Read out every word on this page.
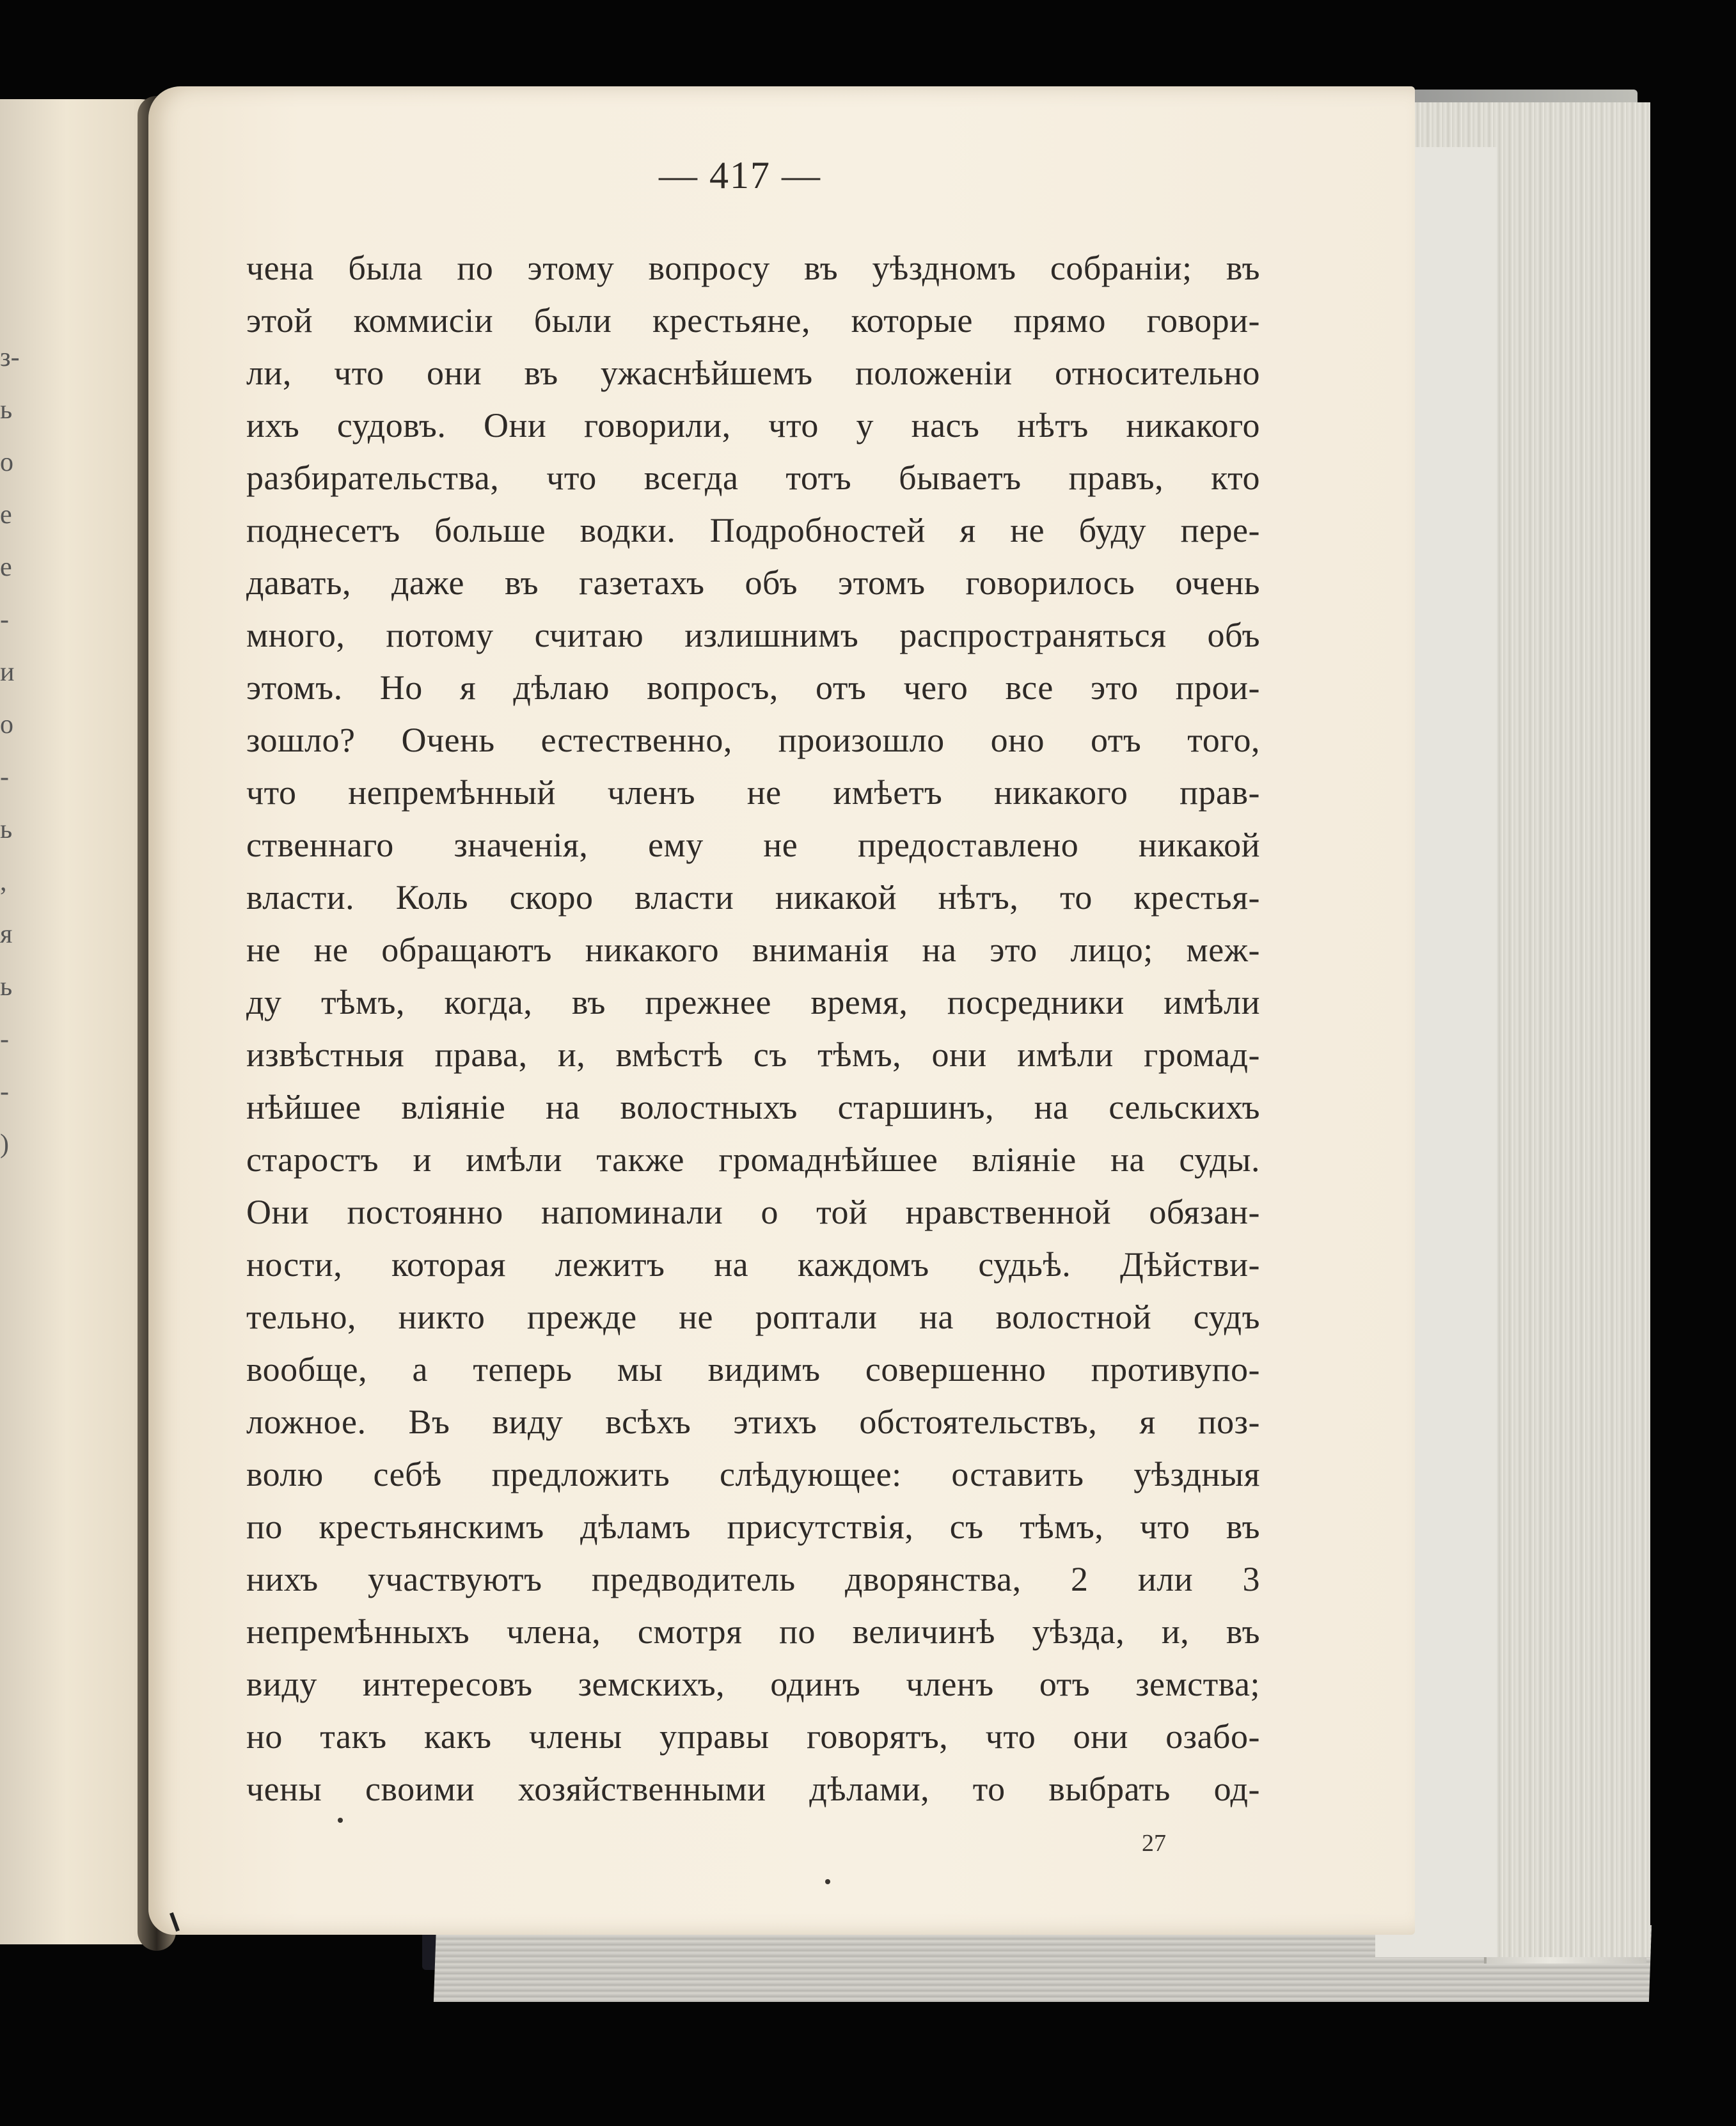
з-
ь
о
е
е
-
и
о
-
ь
,
я
ь
-
-
)
— 417 —
чена была по этому вопросу въ уѣздномъ собраніи; въ
этой коммисіи были крестьяне, которые прямо говори-
ли, что они въ ужаснѣйшемъ положеніи относительно
ихъ судовъ. Они говорили, что у насъ нѣтъ никакого
разбирательства, что всегда тотъ бываетъ правъ, кто
поднесетъ больше водки. Подробностей я не буду пере-
давать, даже въ газетахъ объ этомъ говорилось очень
много, потому считаю излишнимъ распространяться объ
этомъ. Но я дѣлаю вопросъ, отъ чего все это прои-
зошло? Очень естественно, произошло оно отъ того,
что непремѣнный членъ не имѣетъ никакого прав-
ственнаго значенія, ему не предоставлено никакой
власти. Коль скоро власти никакой нѣтъ, то крестья-
не не обращаютъ никакого вниманія на это лицо; меж-
ду тѣмъ, когда, въ прежнее время, посредники имѣли
извѣстныя права, и, вмѣстѣ съ тѣмъ, они имѣли громад-
нѣйшее вліяніе на волостныхъ старшинъ, на сельскихъ
старостъ и имѣли также громаднѣйшее вліяніе на суды.
Они постоянно напоминали о той нравственной обязан-
ности, которая лежитъ на каждомъ судьѣ. Дѣйстви-
тельно, никто прежде не роптали на волостной судъ
вообще, а теперь мы видимъ совершенно противупо-
ложное. Въ виду всѣхъ этихъ обстоятельствъ, я поз-
волю себѣ предложить слѣдующее: оставить уѣздныя
по крестьянскимъ дѣламъ присутствія, съ тѣмъ, что въ
нихъ участвуютъ предводитель дворянства, 2 или 3
непремѣнныхъ члена, смотря по величинѣ уѣзда, и, въ
виду интересовъ земскихъ, одинъ членъ отъ земства;
но такъ какъ члены управы говорятъ, что они озабо-
чены своими хозяйственными дѣлами, то выбрать од-
27
